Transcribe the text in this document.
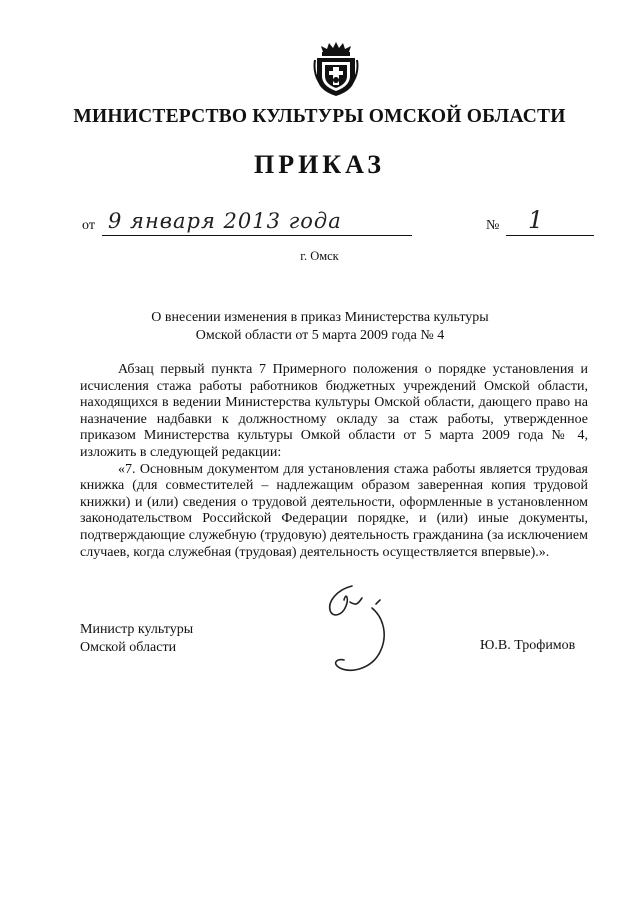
МИНИСТЕРСТВО КУЛЬТУРЫ ОМСКОЙ ОБЛАСТИ
ПРИКАЗ
от 9 января 2013 года	№ 1
г. Омск
О внесении изменения в приказ Министерства культуры
Омской области от 5 марта 2009 года № 4

Абзац первый пункта 7 Примерного положения о порядке установления и исчисления стажа работы работников бюджетных учреждений Омской области, находящихся в ведении Министерства культуры Омской области, дающего право на назначение надбавки к должностному окладу за стаж работы, утвержденное приказом Министерства культуры Омкой области от 5 марта 2009 года № 4, изложить в следующей редакции:

«7. Основным документом для установления стажа работы является трудовая книжка (для совместителей – надлежащим образом заверенная копия трудовой книжки) и (или) сведения о трудовой деятельности, оформленные в установленном законодательством Российской Федерации порядке, и (или) иные документы, подтверждающие служебную (трудовую) деятельность гражданина (за исключением случаев, когда служебная (трудовая) деятельность осуществляется впервые).».

Министр культуры
Омской области	Ю.В. Трофимов
